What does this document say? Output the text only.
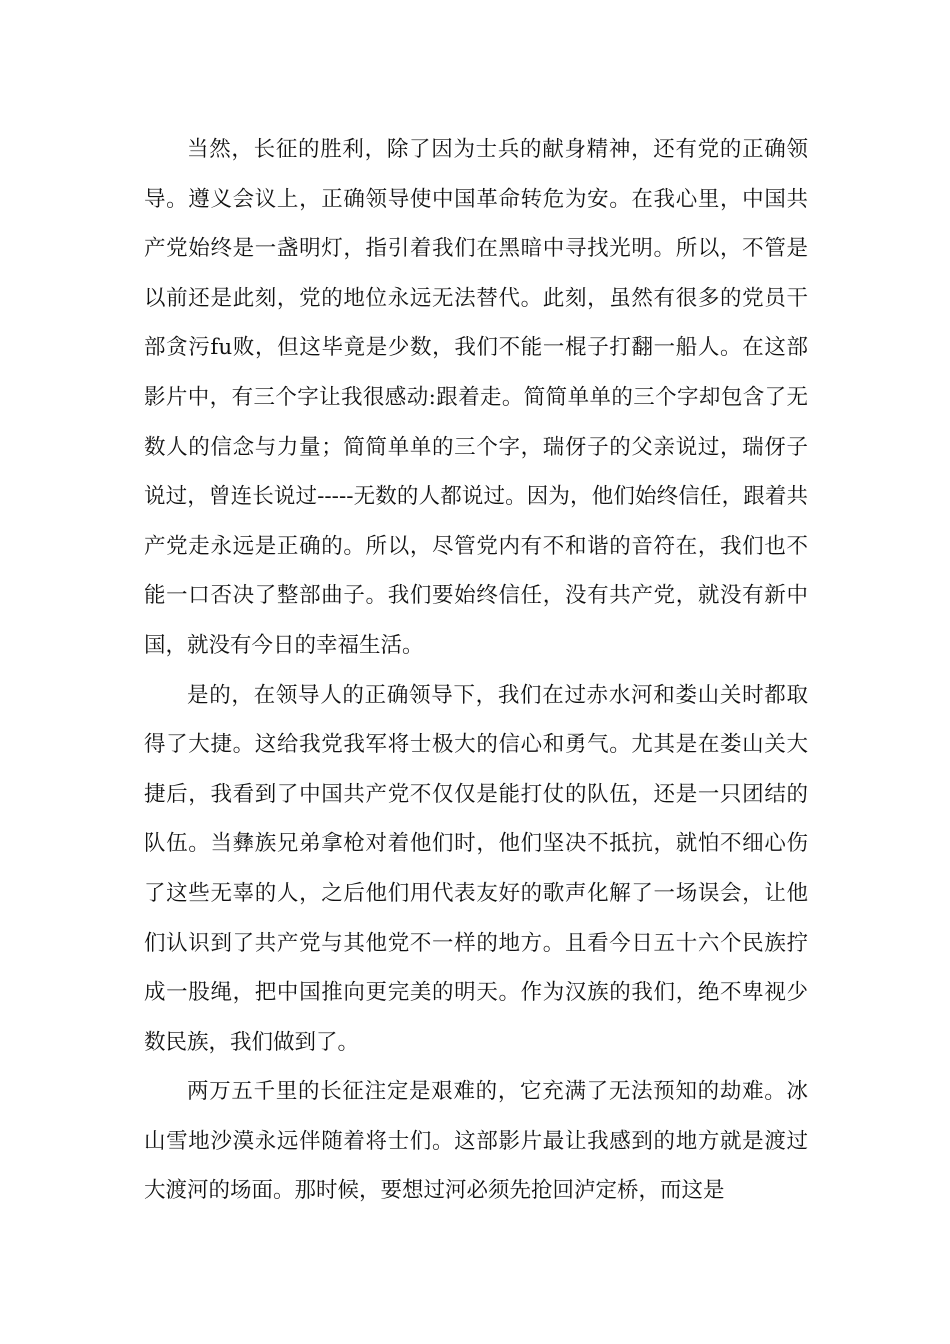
当然，长征的胜利，除了因为士兵的献身精神，还有党的正确领导。遵义会议上，正确领导使中国革命转危为安。在我心里，中国共产党始终是一盏明灯，指引着我们在黑暗中寻找光明。所以，不管是以前还是此刻，党的地位永远无法替代。此刻，虽然有很多的党员干部贪污fu败，但这毕竟是少数，我们不能一棍子打翻一船人。在这部影片中，有三个字让我很感动:跟着走。简简单单的三个字却包含了无数人的信念与力量；简简单单的三个字，瑞伢子的父亲说过，瑞伢子说过，曾连长说过-----无数的人都说过。因为，他们始终信任，跟着共产党走永远是正确的。所以，尽管党内有不和谐的音符在，我们也不能一口否决了整部曲子。我们要始终信任，没有共产党，就没有新中国，就没有今日的幸福生活。

是的，在领导人的正确领导下，我们在过赤水河和娄山关时都取得了大捷。这给我党我军将士极大的信心和勇气。尤其是在娄山关大捷后，我看到了中国共产党不仅仅是能打仗的队伍，还是一只团结的队伍。当彝族兄弟拿枪对着他们时，他们坚决不抵抗，就怕不细心伤了这些无辜的人，之后他们用代表友好的歌声化解了一场误会，让他们认识到了共产党与其他党不一样的地方。且看今日五十六个民族拧成一股绳，把中国推向更完美的明天。作为汉族的我们，绝不卑视少数民族，我们做到了。

两万五千里的长征注定是艰难的，它充满了无法预知的劫难。冰山雪地沙漠永远伴随着将士们。这部影片最让我感到的地方就是渡过大渡河的场面。那时候，要想过河必须先抢回泸定桥，而这是
